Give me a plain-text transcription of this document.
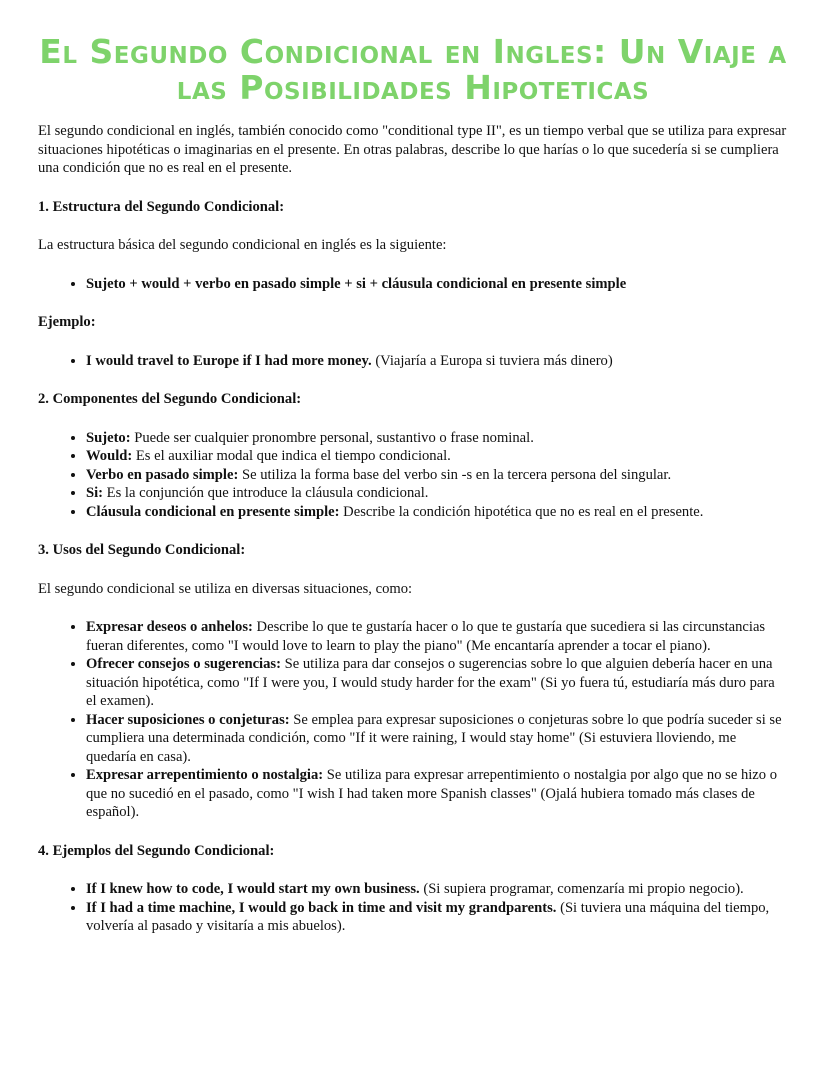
El Segundo Condicional en Ingles: Un Viaje a las Posibilidades Hipoteticas

El segundo condicional en inglés, también conocido como "conditional type II", es un tiempo verbal que se utiliza para expresar situaciones hipotéticas o imaginarias en el presente. En otras palabras, describe lo que harías o lo que sucedería si se cumpliera una condición que no es real en el presente.

1. Estructura del Segundo Condicional:

La estructura básica del segundo condicional en inglés es la siguiente:

• Sujeto + would + verbo en pasado simple + si + cláusula condicional en presente simple
Ejemplo:
• I would travel to Europe if I had more money. (Viajaría a Europa si tuviera más dinero)
2. Componentes del Segundo Condicional:
• Sujeto: Puede ser cualquier pronombre personal, sustantivo o frase nominal.
• Would: Es el auxiliar modal que indica el tiempo condicional.
• Verbo en pasado simple: Se utiliza la forma base del verbo sin -s en la tercera persona del singular.
• Si: Es la conjunción que introduce la cláusula condicional.
• Cláusula condicional en presente simple: Describe la condición hipotética que no es real en el presente.
3. Usos del Segundo Condicional:

El segundo condicional se utiliza en diversas situaciones, como:

• Expresar deseos o anhelos: Describe lo que te gustaría hacer o lo que te gustaría que sucediera si las circunstancias fueran diferentes, como "I would love to learn to play the piano" (Me encantaría aprender a tocar el piano).
• Ofrecer consejos o sugerencias: Se utiliza para dar consejos o sugerencias sobre lo que alguien debería hacer en una situación hipotética, como "If I were you, I would study harder for the exam" (Si yo fuera tú, estudiaría más duro para el examen).
• Hacer suposiciones o conjeturas: Se emplea para expresar suposiciones o conjeturas sobre lo que podría suceder si se cumpliera una determinada condición, como "If it were raining, I would stay home" (Si estuviera lloviendo, me quedaría en casa).
• Expresar arrepentimiento o nostalgia: Se utiliza para expresar arrepentimiento o nostalgia por algo que no se hizo o que no sucedió en el pasado, como "I wish I had taken more Spanish classes" (Ojalá hubiera tomado más clases de español).
4. Ejemplos del Segundo Condicional:
• If I knew how to code, I would start my own business. (Si supiera programar, comenzaría mi propio negocio).
• If I had a time machine, I would go back in time and visit my grandparents. (Si tuviera una máquina del tiempo, volvería al pasado y visitaría a mis abuelos).
